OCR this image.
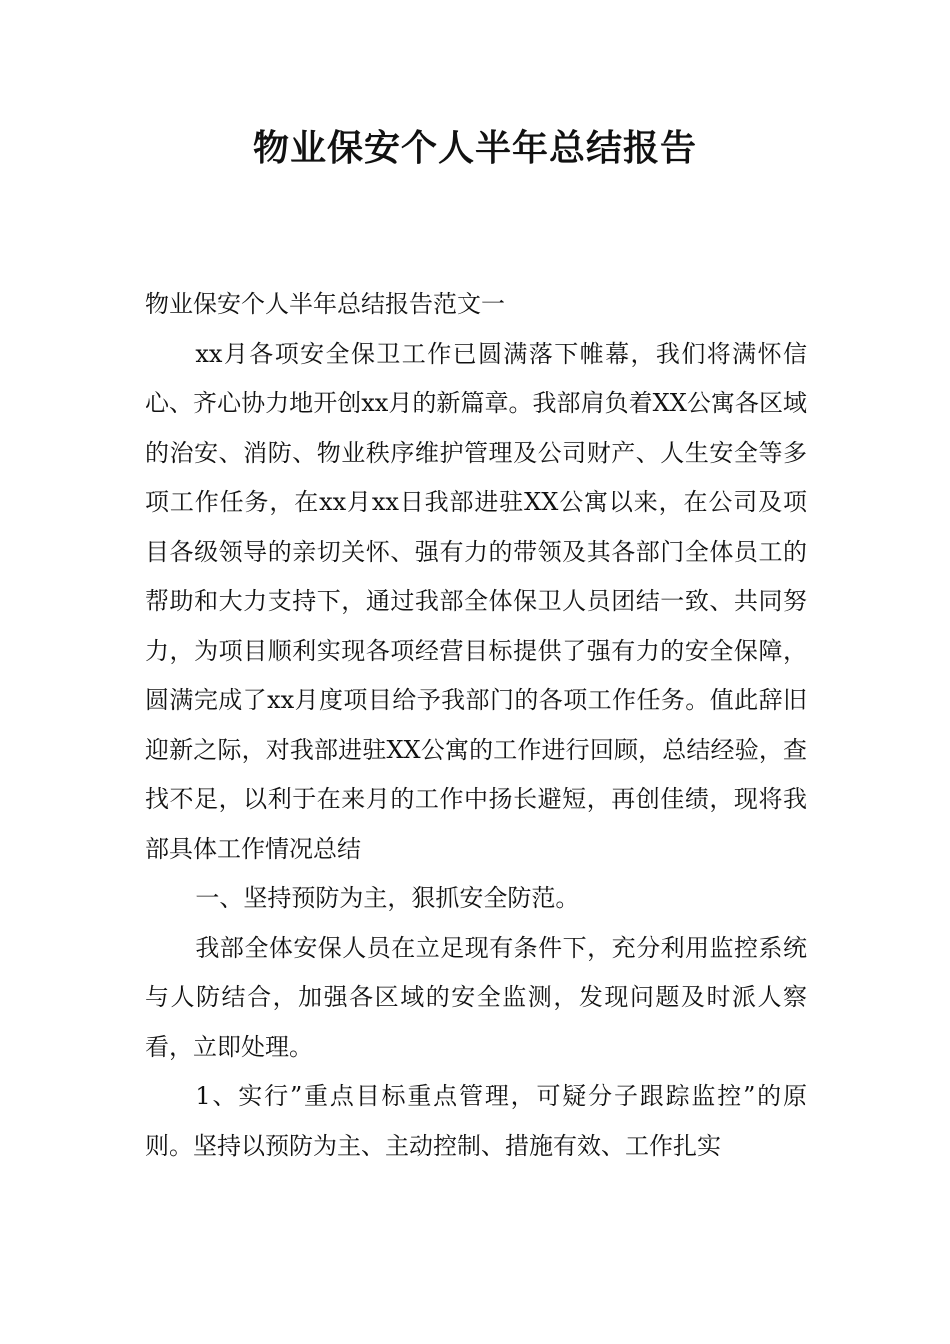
物业保安个人半年总结报告

物业保安个人半年总结报告范文一

xx月各项安全保卫工作已圆满落下帷幕，我们将满怀信心、齐心协力地开创xx月的新篇章。我部肩负着XX公寓各区域的治安、消防、物业秩序维护管理及公司财产、人生安全等多项工作任务，在xx月xx日我部进驻XX公寓以来，在公司及项目各级领导的亲切关怀、强有力的带领及其各部门全体员工的帮助和大力支持下，通过我部全体保卫人员团结一致、共同努力，为项目顺利实现各项经营目标提供了强有力的安全保障，圆满完成了xx月度项目给予我部门的各项工作任务。值此辞旧迎新之际，对我部进驻XX公寓的工作进行回顾，总结经验，查找不足，以利于在来月的工作中扬长避短，再创佳绩，现将我部具体工作情况总结

一、坚持预防为主，狠抓安全防范。

我部全体安保人员在立足现有条件下，充分利用监控系统与人防结合，加强各区域的安全监测，发现问题及时派人察看，立即处理。

1、实行”重点目标重点管理，可疑分子跟踪监控”的原则。坚持以预防为主、主动控制、措施有效、工作扎实
